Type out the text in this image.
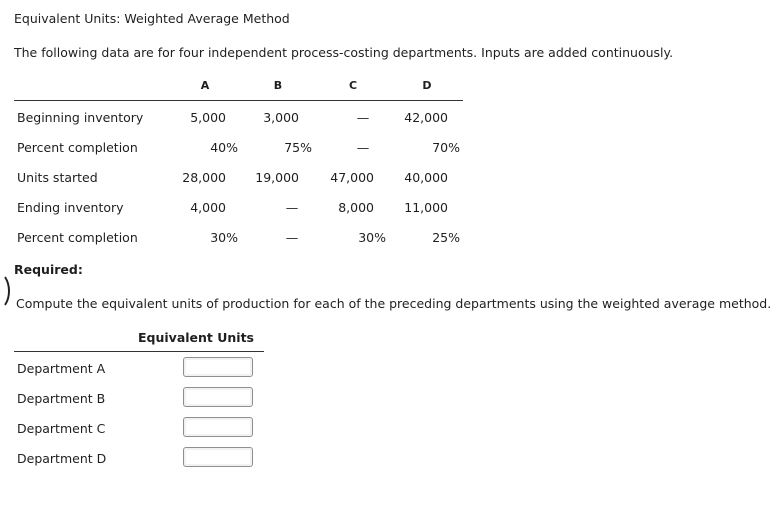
Equivalent Units: Weighted Average Method
The following data are for four independent process-costing departments. Inputs are added continuously.
A	B	C	D
Beginning inventory	5,000	3,000	—	42,000
Percent completion	40%	75%	—	70%
Units started	28,000	19,000	47,000	40,000
Ending inventory	4,000	—	8,000	11,000
Percent completion	30%	—	30%	25%
Required:
Compute the equivalent units of production for each of the preceding departments using the weighted average method.
Equivalent Units
Department A
Department B
Department C
Department D
